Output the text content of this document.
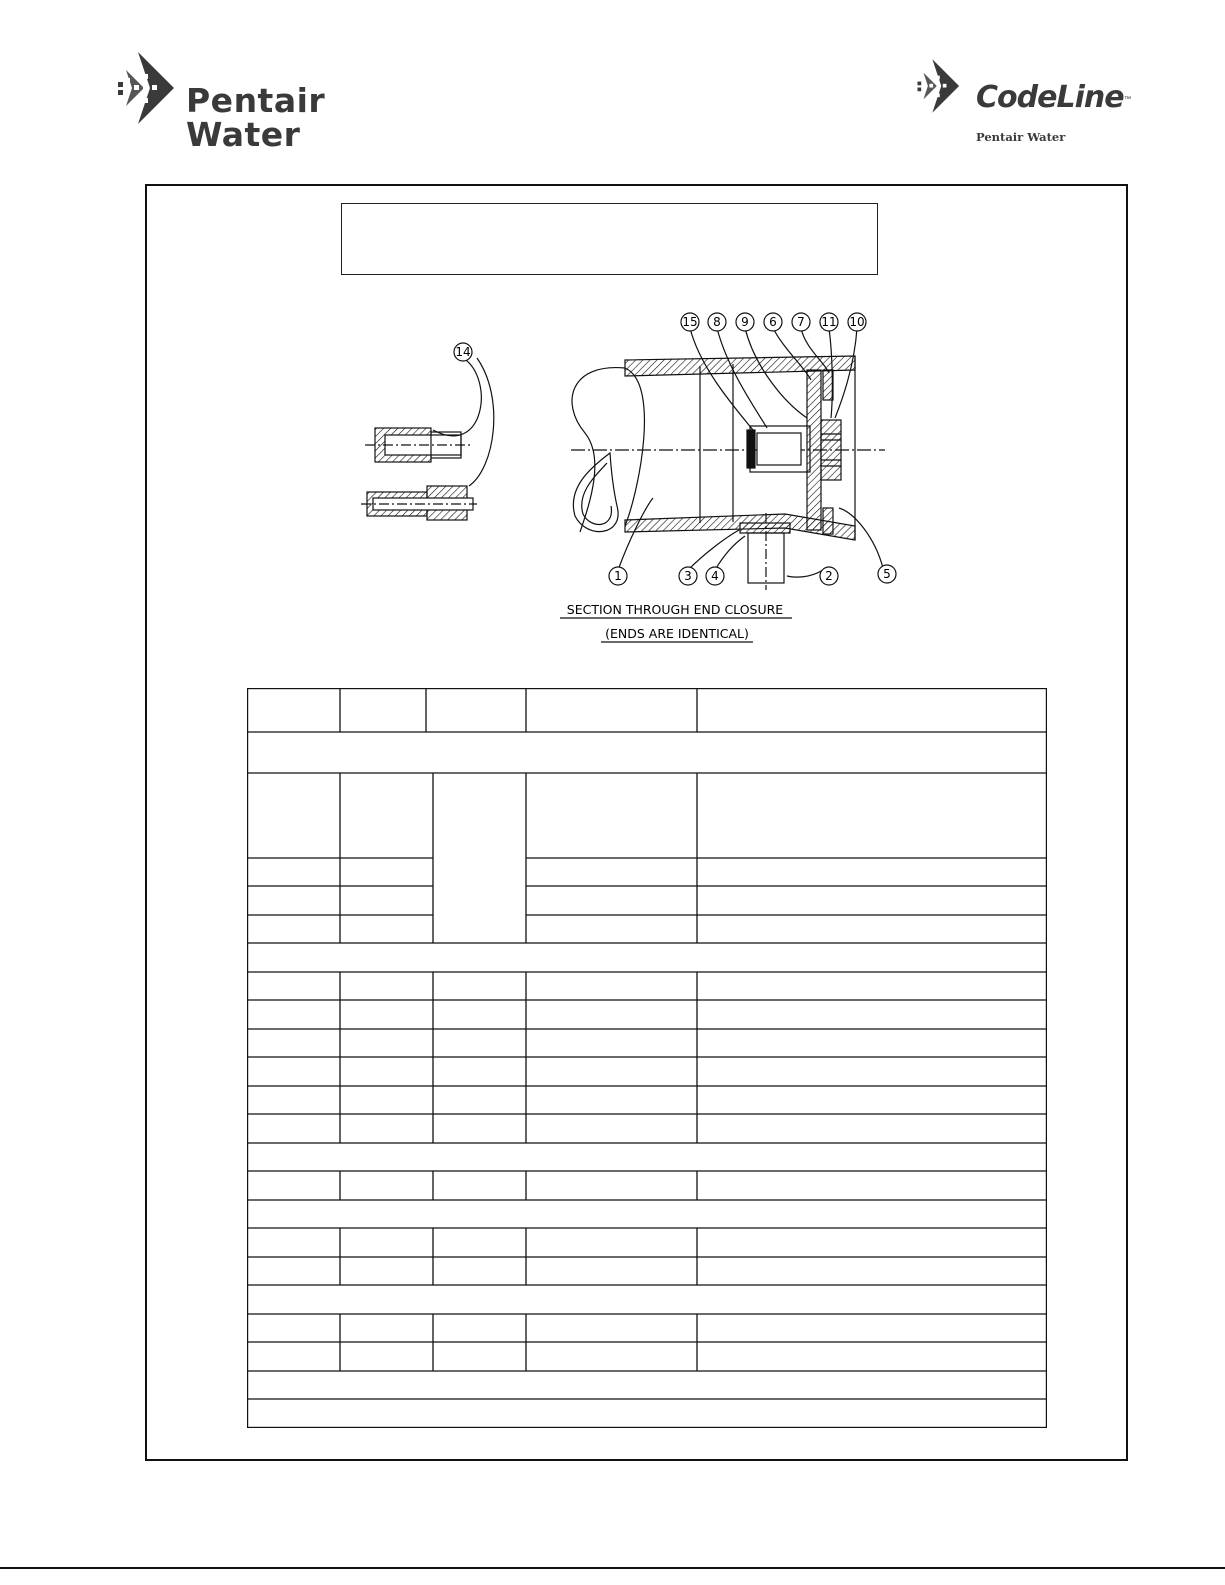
Pentair
Water
CodeLine ™
Pentair Water
14
15 8 9 6 7 11 10
1	3 4	2	5
SECTION THROUGH END CLOSURE
(ENDS ARE IDENTICAL)
